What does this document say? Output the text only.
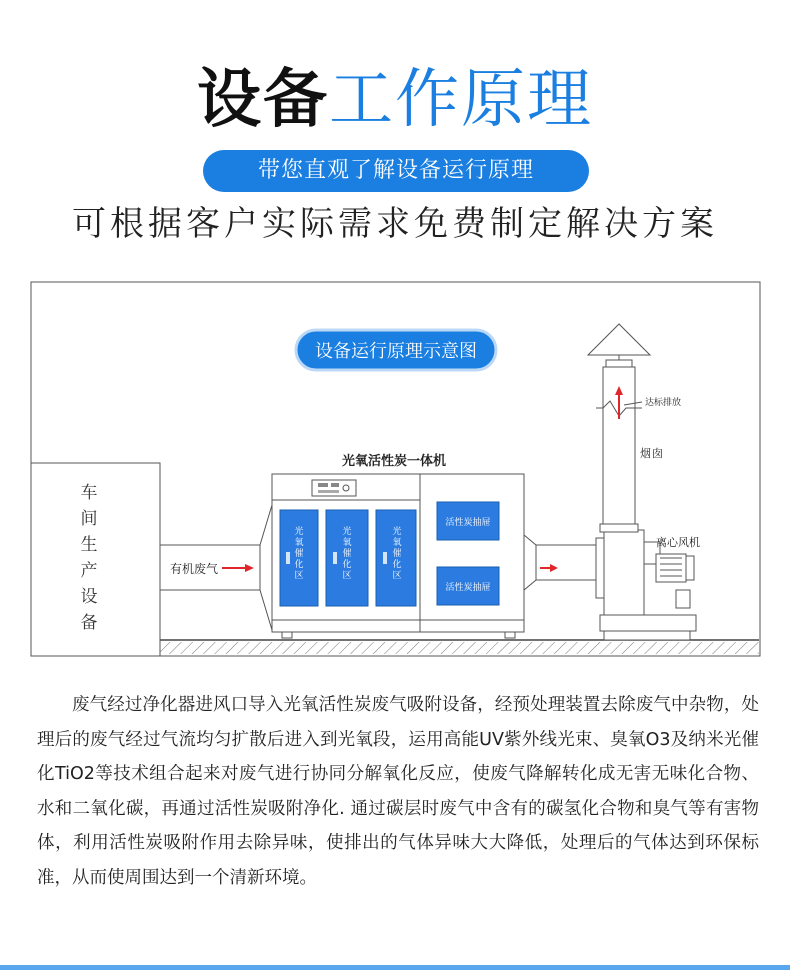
设备工作原理
带您直观了解设备运行原理
可根据客户实际需求免费制定解决方案
设备运行原理示意图
车
间
生
产
设
备
有机废气
光氧活性炭一体机
光
氧
催
化
区
光
氧
催
化
区
光
氧
催
化
区
活性炭抽屉
活性炭抽屉
离心风机
达标排放
烟 囱
废气经过净化器进风口导入光氧活性炭废气吸附设备，经预处理装置去除废气中杂物，处理后的废气经过气流均匀扩散后进入到光氧段，运用高能UV紫外线光束、臭氧O3及纳米光催化TiO2等技术组合起来对废气进行协同分解氧化反应，使废气降解转化成无害无味化合物、水和二氧化碳，再通过活性炭吸附净化. 通过碳层时废气中含有的碳氢化合物和臭气等有害物体，利用活性炭吸附作用去除异味，使排出的气体异味大大降低，处理后的气体达到环保标准，从而使周围达到一个清新环境。
